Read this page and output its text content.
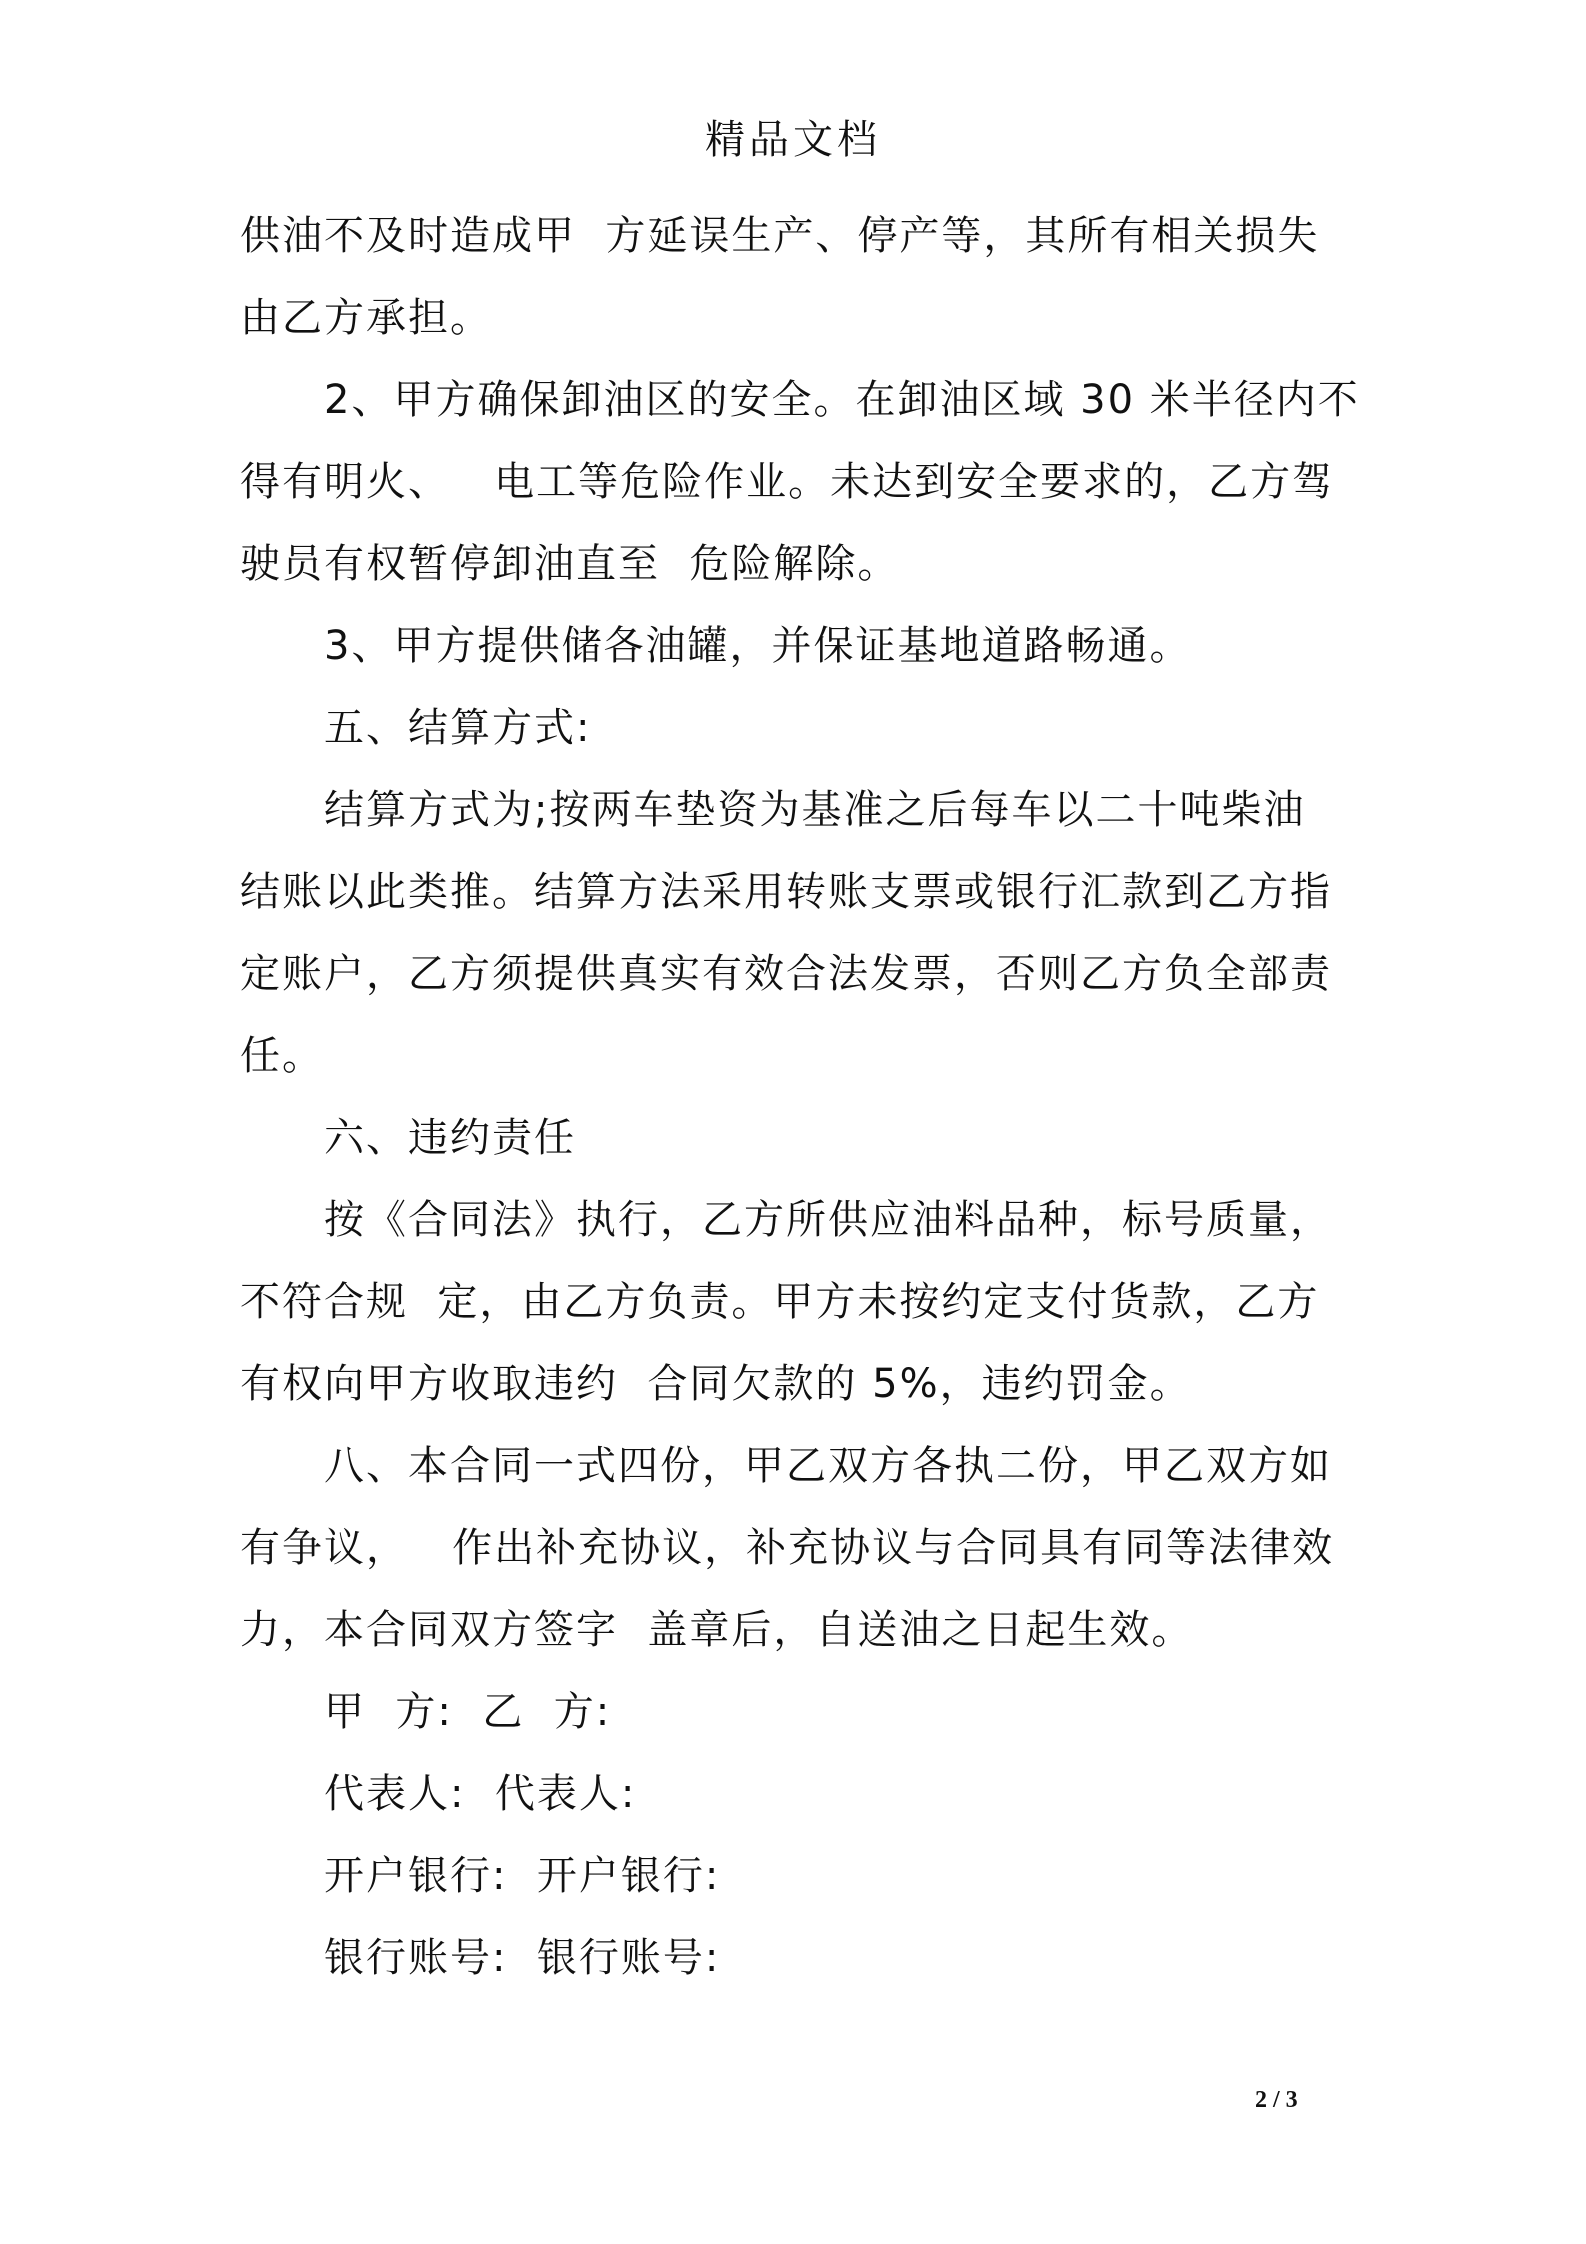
精品文档
供油不及时造成甲  方延误生产、停产等，其所有相关损失
由乙方承担。
2、甲方确保卸油区的安全。在卸油区域 30 米半径内不
得有明火、   电工等危险作业。未达到安全要求的，乙方驾
驶员有权暂停卸油直至  危险解除。
3、甲方提供储各油罐，并保证基地道路畅通。
五、结算方式:
结算方式为;按两车垫资为基准之后每车以二十吨柴油
结账以此类推。结算方法采用转账支票或银行汇款到乙方指
定账户，乙方须提供真实有效合法发票，否则乙方负全部责
任。
六、违约责任
按《合同法》执行，乙方所供应油料品种，标号质量，
不符合规  定，由乙方负责。甲方未按约定支付货款，乙方
有权向甲方收取违约  合同欠款的 5%，违约罚金。
八、本合同一式四份，甲乙双方各执二份，甲乙双方如
有争议，   作出补充协议，补充协议与合同具有同等法律效
力，本合同双方签字  盖章后，自送油之日起生效。
甲  方:  乙  方:
代表人:  代表人:
开户银行:  开户银行:
银行账号:  银行账号:
2 / 3
